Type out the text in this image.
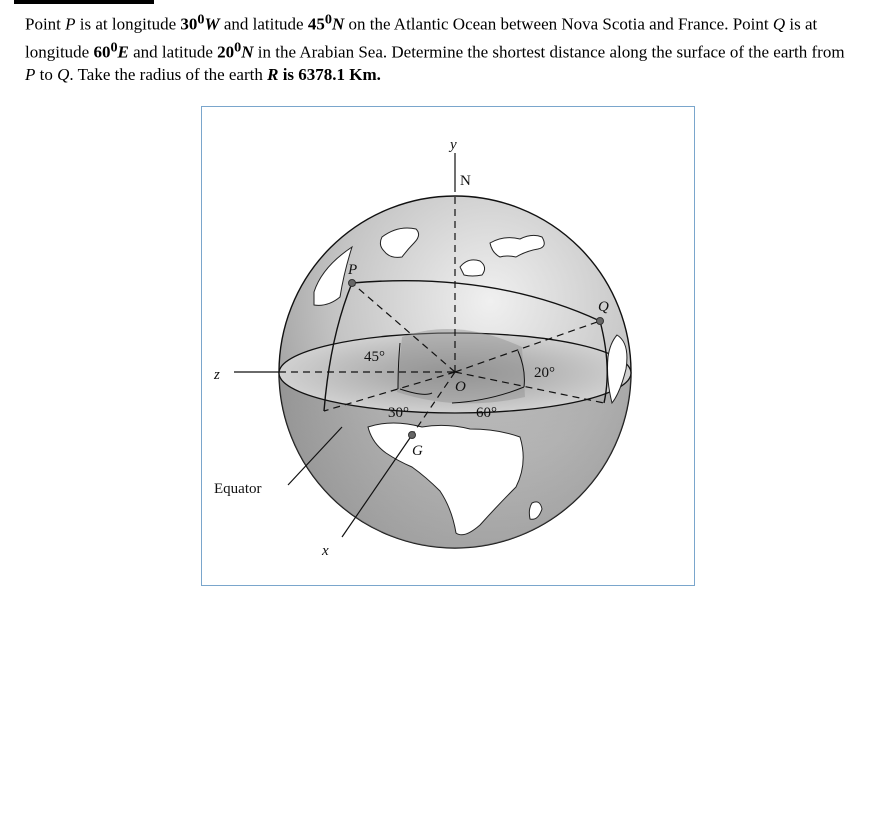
Point P is at longitude $30^0W$ and latitude $45^0N$ on the Atlantic Ocean between Nova Scotia and France. Point Q is at longitude $60^0E$ and latitude $20^0N$ in the Arabian Sea. Determine the shortest distance along the surface of the earth from P to Q. Take the radius of the earth R is 6378.1 Km.
y
N
P
Q
z
O
G
x
Equator
45°
20°
30°	60°
